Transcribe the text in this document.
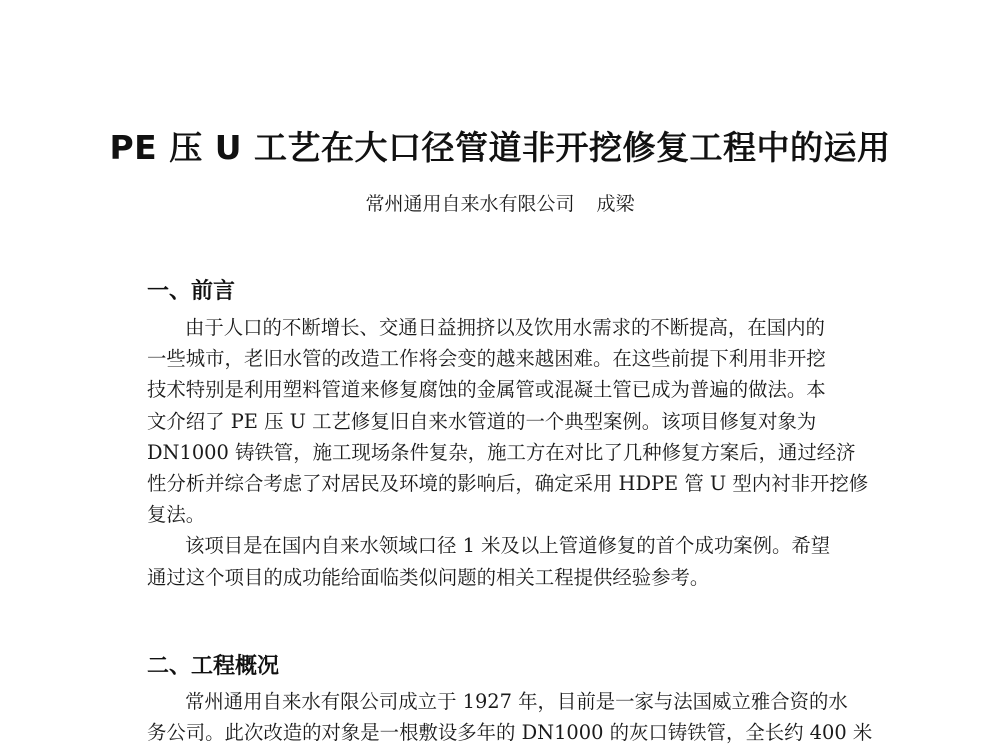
PE 压 U 工艺在大口径管道非开挖修复工程中的运用
常州通用自来水有限公司 成梁
一、前言
由于人口的不断增长、交通日益拥挤以及饮用水需求的不断提高，在国内的
一些城市，老旧水管的改造工作将会变的越来越困难。在这些前提下利用非开挖
技术特别是利用塑料管道来修复腐蚀的金属管或混凝土管已成为普遍的做法。本
文介绍了 PE 压 U 工艺修复旧自来水管道的一个典型案例。该项目修复对象为
DN1000 铸铁管，施工现场条件复杂，施工方在对比了几种修复方案后，通过经济
性分析并综合考虑了对居民及环境的影响后，确定采用 HDPE 管 U 型内衬非开挖修
复法。
该项目是在国内自来水领域口径 1 米及以上管道修复的首个成功案例。希望
通过这个项目的成功能给面临类似问题的相关工程提供经验参考。
二、工程概况
常州通用自来水有限公司成立于 1927 年，目前是一家与法国威立雅合资的水
务公司。此次改造的对象是一根敷设多年的 DN1000 的灰口铸铁管，全长约 400 米
